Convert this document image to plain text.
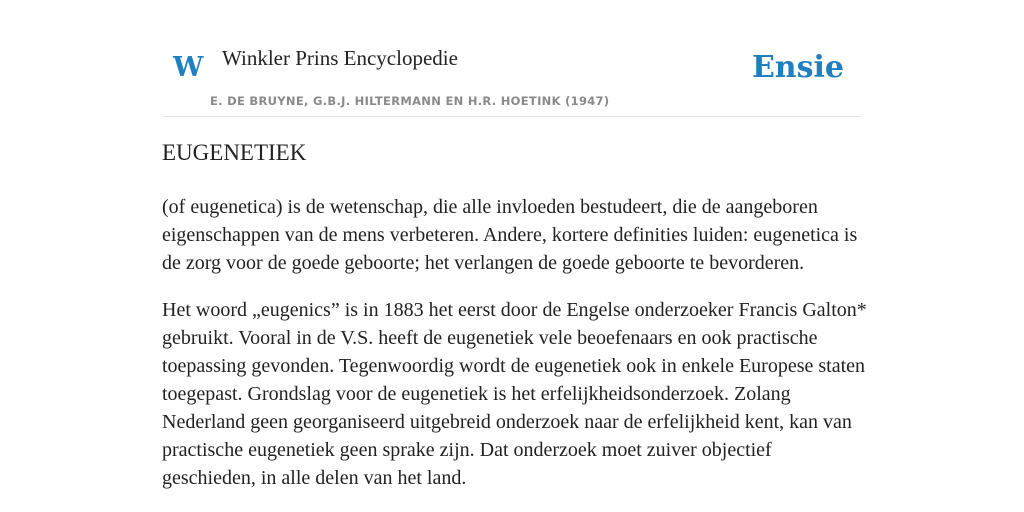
W Winkler Prins Encyclopedie
E. DE BRUYNE, G.B.J. HILTERMANN EN H.R. HOETINK (1947)
Ensie
EUGENETIEK

(of eugenetica) is de wetenschap, die alle invloeden bestudeert, die de aangeboren eigenschappen van de mens verbeteren. Andere, kortere definities luiden: eugenetica is de zorg voor de goede geboorte; het verlangen de goede geboorte te bevorderen.

Het woord „eugenics” is in 1883 het eerst door de Engelse onderzoeker Francis Galton* gebruikt. Vooral in de V.S. heeft de eugenetiek vele beoefenaars en ook practische toepassing gevonden. Tegenwoordig wordt de eugenetiek ook in enkele Europese staten toegepast. Grondslag voor de eugenetiek is het erfelijkheidsonderzoek. Zolang Nederland geen georganiseerd uitgebreid onderzoek naar de erfelijkheid kent, kan van practische eugenetiek geen sprake zijn. Dat onderzoek moet zuiver objectief geschieden, in alle delen van het land.
